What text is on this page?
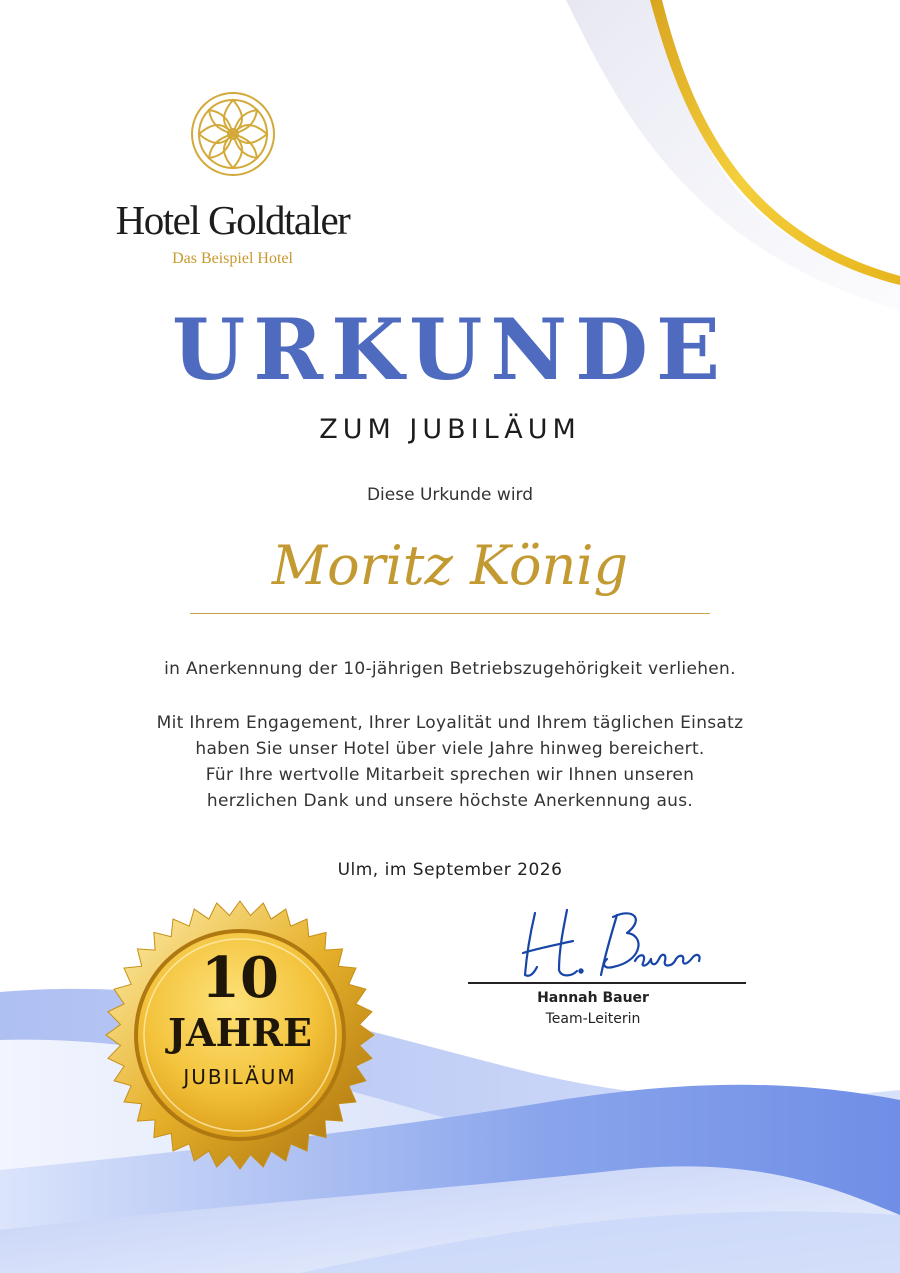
Hotel Goldtaler
Das Beispiel Hotel
URKUNDE
ZUM JUBILÄUM
Diese Urkunde wird
Moritz König
in Anerkennung der 10-jährigen Betriebszugehörigkeit verliehen.
Mit Ihrem Engagement, Ihrer Loyalität und Ihrem täglichen Einsatz
haben Sie unser Hotel über viele Jahre hinweg bereichert.
Für Ihre wertvolle Mitarbeit sprechen wir Ihnen unseren
herzlichen Dank und unsere höchste Anerkennung aus.
Ulm, im September 2026
Hannah Bauer
Team-Leiterin
10
JAHRE
JUBILÄUM
